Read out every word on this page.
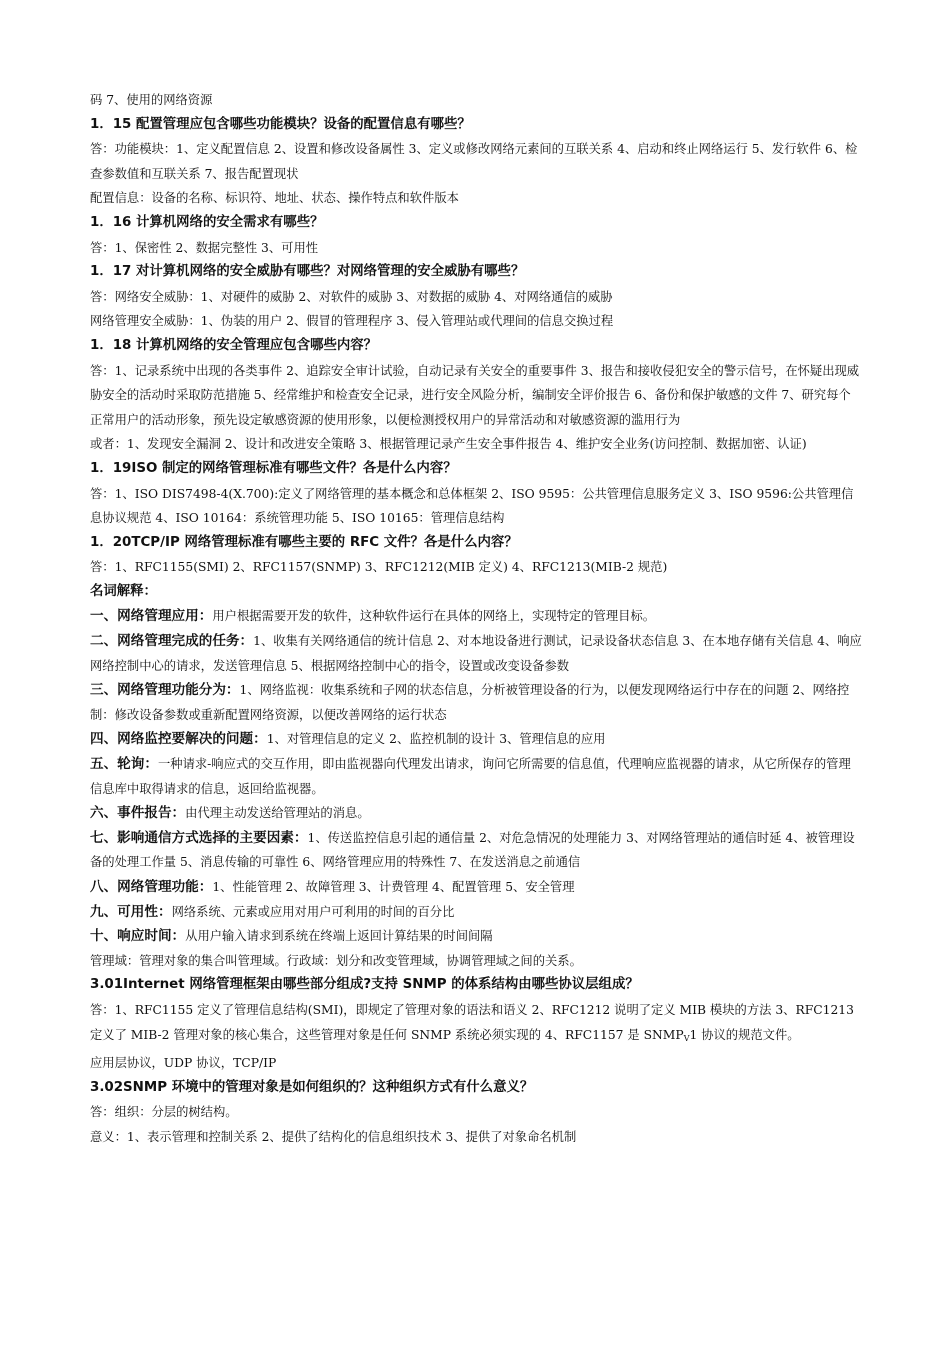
码 7、使用的网络资源

1．15 配置管理应包含哪些功能模块？设备的配置信息有哪些？

答：功能模块：1、定义配置信息 2、设置和修改设备属性 3、定义或修改网络元素间的互联关系 4、启动和终止网络运行 5、发行软件 6、检查参数值和互联关系 7、报告配置现状

配置信息：设备的名称、标识符、地址、状态、操作特点和软件版本

1．16 计算机网络的安全需求有哪些？

答：1、保密性 2、数据完整性 3、可用性

1．17 对计算机网络的安全威胁有哪些？对网络管理的安全威胁有哪些？

答：网络安全威胁：1、对硬件的威胁 2、对软件的威胁 3、对数据的威胁 4、对网络通信的威胁

网络管理安全威胁：1、伪装的用户 2、假冒的管理程序 3、侵入管理站或代理间的信息交换过程

1．18 计算机网络的安全管理应包含哪些内容？

答：1、记录系统中出现的各类事件 2、追踪安全审计试验，自动记录有关安全的重要事件 3、报告和接收侵犯安全的警示信号，在怀疑出现威胁安全的活动时采取防范措施 5、经常维护和检查安全记录，进行安全风险分析，编制安全评价报告 6、备份和保护敏感的文件 7、研究每个正常用户的活动形象，预先设定敏感资源的使用形象，以便检测授权用户的异常活动和对敏感资源的滥用行为

或者：1、发现安全漏洞 2、设计和改进安全策略 3、根据管理记录产生安全事件报告 4、维护安全业务(访问控制、数据加密、认证)

1．19ISO 制定的网络管理标准有哪些文件？各是什么内容？

答：1、ISO DIS7498-4(X.700):定义了网络管理的基本概念和总体框架 2、ISO 9595：公共管理信息服务定义 3、ISO 9596:公共管理信息协议规范 4、ISO 10164：系统管理功能 5、ISO 10165：管理信息结构

1．20TCP/IP 网络管理标准有哪些主要的 RFC 文件？各是什么内容？

答：1、RFC1155(SMI) 2、RFC1157(SNMP) 3、RFC1212(MIB 定义) 4、RFC1213(MIB-2 规范)

名词解释：

一、网络管理应用：用户根据需要开发的软件，这种软件运行在具体的网络上，实现特定的管理目标。

二、网络管理完成的任务：1、收集有关网络通信的统计信息 2、对本地设备进行测试，记录设备状态信息 3、在本地存储有关信息 4、响应网络控制中心的请求，发送管理信息 5、根据网络控制中心的指令，设置或改变设备参数

三、网络管理功能分为：1、网络监视：收集系统和子网的状态信息，分析被管理设备的行为，以便发现网络运行中存在的问题 2、网络控制：修改设备参数或重新配置网络资源，以便改善网络的运行状态

四、网络监控要解决的问题：1、对管理信息的定义 2、监控机制的设计 3、管理信息的应用

五、轮询：一种请求-响应式的交互作用，即由监视器向代理发出请求，询问它所需要的信息值，代理响应监视器的请求，从它所保存的管理信息库中取得请求的信息，返回给监视器。

六、事件报告：由代理主动发送给管理站的消息。

七、影响通信方式选择的主要因素：1、传送监控信息引起的通信量 2、对危急情况的处理能力 3、对网络管理站的通信时延 4、被管理设备的处理工作量 5、消息传输的可靠性 6、网络管理应用的特殊性 7、在发送消息之前通信

八、网络管理功能：1、性能管理 2、故障管理 3、计费管理 4、配置管理 5、安全管理

九、可用性：网络系统、元素或应用对用户可利用的时间的百分比

十、响应时间：从用户输入请求到系统在终端上返回计算结果的时间间隔

管理域：管理对象的集合叫管理域。行政域：划分和改变管理域，协调管理域之间的关系。

3.01Internet 网络管理框架由哪些部分组成?支持 SNMP 的体系结构由哪些协议层组成？

答：1、RFC1155 定义了管理信息结构(SMI)，即规定了管理对象的语法和语义 2、RFC1212 说明了定义 MIB 模块的方法 3、RFC1213 定义了 MIB-2 管理对象的核心集合，这些管理对象是任何 SNMP 系统必须实现的 4、RFC1157 是 $SNMP_V1$ 协议的规范文件。

应用层协议，UDP 协议，TCP/IP

3.02SNMP 环境中的管理对象是如何组织的？这种组织方式有什么意义？

答：组织：分层的树结构。

意义：1、表示管理和控制关系 2、提供了结构化的信息组织技术 3、提供了对象命名机制
